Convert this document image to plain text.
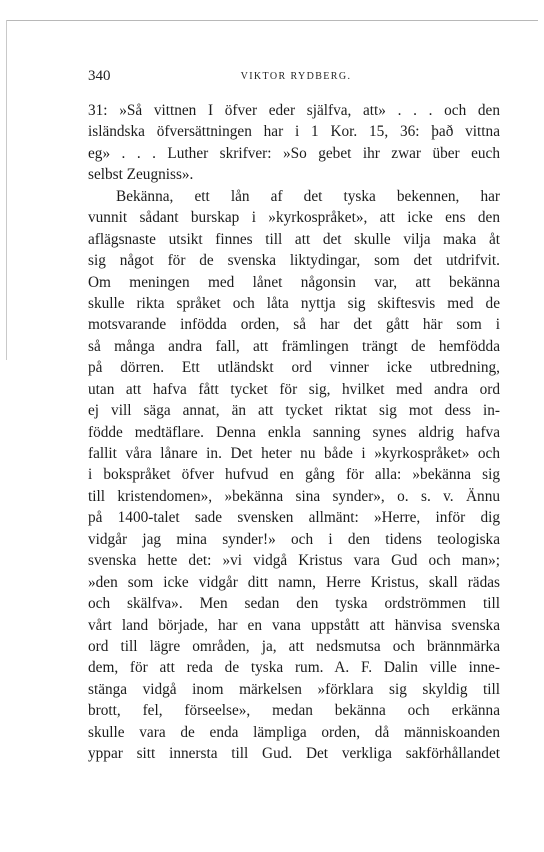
340	VIKTOR RYDBERG.
31: »Så vittnen I öfver eder själfva, att» . . . och den
isländska öfversättningen har i 1 Kor. 15, 36: það vittna
eg» . . . Luther skrifver: »So gebet ihr zwar über euch
selbst Zeugniss».
Bekänna, ett lån af det tyska bekennen, har
vunnit sådant burskap i »kyrkospråket», att icke ens den
aflägsnaste utsikt finnes till att det skulle vilja maka åt
sig något för de svenska liktydingar, som det utdrifvit.
Om meningen med lånet någonsin var, att bekänna
skulle rikta språket och låta nyttja sig skiftesvis med de
motsvarande infödda orden, så har det gått här som i
så många andra fall, att främlingen trängt de hemfödda
på dörren. Ett utländskt ord vinner icke utbredning,
utan att hafva fått tycket för sig, hvilket med andra ord
ej vill säga annat, än att tycket riktat sig mot dess in-
födde medtäflare. Denna enkla sanning synes aldrig hafva
fallit våra lånare in. Det heter nu både i »kyrkospråket» och
i bokspråket öfver hufvud en gång för alla: »bekänna sig
till kristendomen», »bekänna sina synder», o. s. v. Ännu
på 1400-talet sade svensken allmänt: »Herre, inför dig
vidgår jag mina synder!» och i den tidens teologiska
svenska hette det: »vi vidgå Kristus vara Gud och man»;
»den som icke vidgår ditt namn, Herre Kristus, skall rädas
och skälfva». Men sedan den tyska ordströmmen till
vårt land började, har en vana uppstått att hänvisa svenska
ord till lägre områden, ja, att nedsmutsa och brännmärka
dem, för att reda de tyska rum. A. F. Dalin ville inne-
stänga vidgå inom märkelsen »förklara sig skyldig till
brott, fel, förseelse», medan bekänna och erkänna
skulle vara de enda lämpliga orden, då människoanden
yppar sitt innersta till Gud. Det verkliga sakförhållandet
